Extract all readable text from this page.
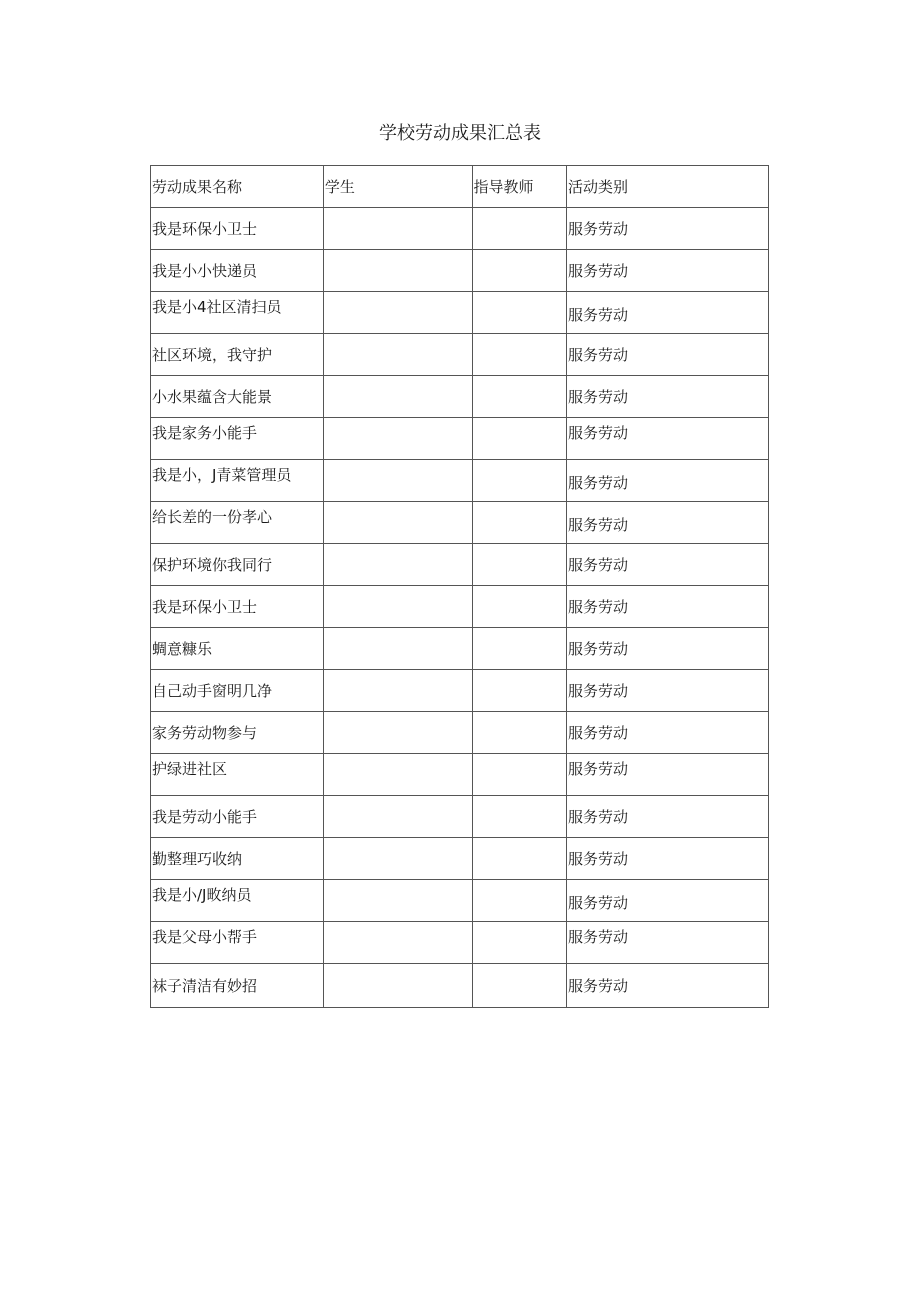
学校劳动成果汇总表
劳动成果名称	学生	指导教师	活动类别
我是环保小卫士			服务劳动
我是小小快递员			服务劳动
我是小4社区清扫员			服务劳动
社区环境，我守护			服务劳动
小水果蕴含大能景			服务劳动
我是家务小能手			服务劳动
我是小，J青菜管理员			服务劳动
给长差的一份孝心			服务劳动
保护环境你我同行			服务劳动
我是环保小卫士			服务劳动
蜩意糠乐			服务劳动
自己动手窗明几净			服务劳动
家务劳动物参与			服务劳动
护绿进社区			服务劳动
我是劳动小能手			服务劳动
勤整理巧收纳			服务劳动
我是小/J畋纳员			服务劳动
我是父母小帮手			服务劳动
袜子清洁有妙招			服务劳动
